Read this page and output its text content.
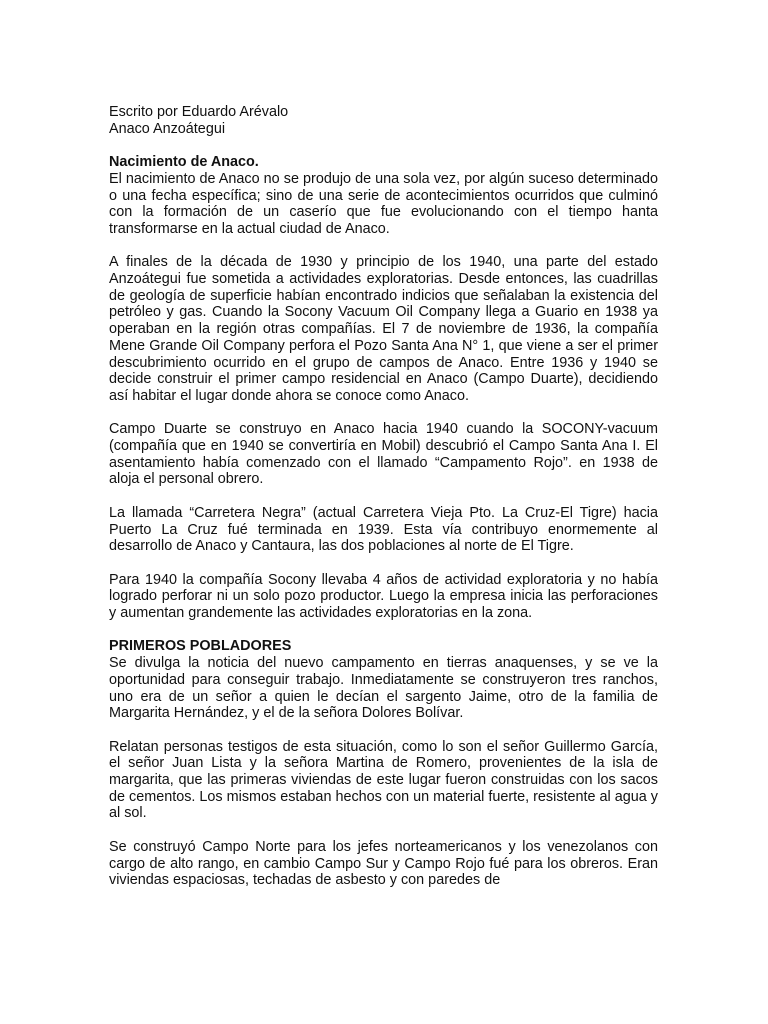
Escrito por Eduardo Arévalo

Anaco Anzoátegui

Nacimiento de Anaco.

El nacimiento de Anaco no se produjo de una sola vez, por algún suceso determinado o una fecha específica; sino de una serie de acontecimientos ocurridos que culminó con la formación de un caserío que fue evolucionando con el tiempo hanta transformarse en la actual ciudad de Anaco.

A finales de la década de 1930 y principio de los 1940, una parte del estado Anzoátegui fue sometida a actividades exploratorias. Desde entonces, las cuadrillas de geología de superficie habían encontrado indicios que señalaban la existencia del petróleo y gas. Cuando la Socony Vacuum Oil Company llega a Guario en 1938 ya operaban en la región otras compañías. El 7 de noviembre de 1936, la compañía Mene Grande Oil Company perfora el Pozo Santa Ana N° 1, que viene a ser el primer descubrimiento ocurrido en el grupo de campos de Anaco. Entre 1936 y 1940 se decide construir el primer campo residencial en Anaco (Campo Duarte), decidiendo así habitar el lugar donde ahora se conoce como Anaco.

Campo Duarte se construyo en Anaco hacia 1940 cuando la SOCONY-vacuum (compañía que en 1940 se convertiría en Mobil) descubrió el Campo Santa Ana I. El asentamiento había comenzado con el llamado “Campamento Rojo”. en 1938 de aloja el personal obrero.

La llamada “Carretera Negra” (actual Carretera Vieja Pto. La Cruz-El Tigre) hacia Puerto La Cruz fué terminada en 1939. Esta vía contribuyo enormemente al desarrollo de Anaco y Cantaura, las dos poblaciones al norte de El Tigre.

Para 1940 la compañía Socony llevaba 4 años de actividad exploratoria y no había logrado perforar ni un solo pozo productor. Luego la empresa inicia las perforaciones y aumentan grandemente las actividades exploratorias en la zona.

PRIMEROS POBLADORES

Se divulga la noticia del nuevo campamento en tierras anaquenses, y se ve la oportunidad para conseguir trabajo. Inmediatamente se construyeron tres ranchos, uno era de un señor a quien le decían el sargento Jaime, otro de la familia de Margarita Hernández, y el de la señora Dolores Bolívar.

Relatan personas testigos de esta situación, como lo son el señor Guillermo García, el señor Juan Lista y la señora Martina de Romero, provenientes de la isla de margarita, que las primeras viviendas de este lugar fueron construidas con los sacos de cementos. Los mismos estaban hechos con un material fuerte, resistente al agua y al sol.

Se construyó Campo Norte para los jefes norteamericanos y los venezolanos con cargo de alto rango, en cambio Campo Sur y Campo Rojo fué para los obreros. Eran viviendas espaciosas, techadas de asbesto y con paredes de
